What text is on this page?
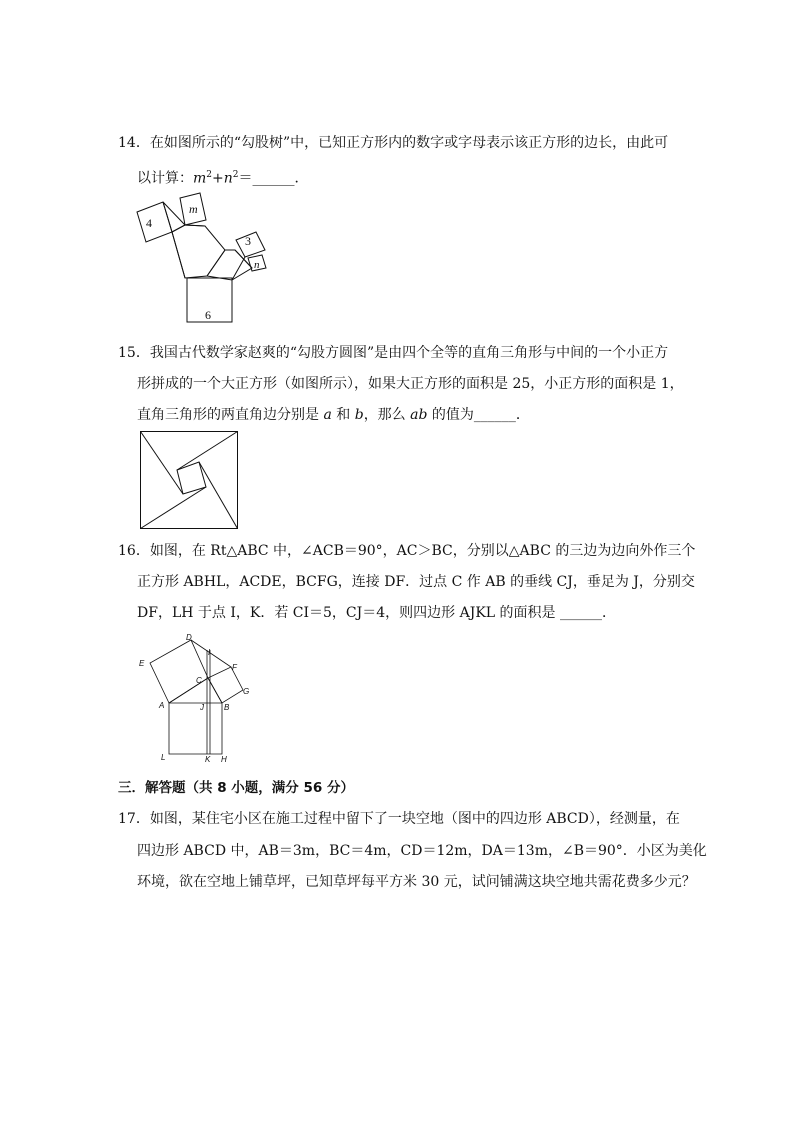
14．在如图所示的“勾股树”中，已知正方形内的数字或字母表示该正方形的边长，由此可
以计算：$m^2+n^2=\_\_\_\_\_\_$．
4
m
3
n
6
15．我国古代数学家赵爽的“勾股方圆图”是由四个全等的直角三角形与中间的一个小正方
形拼成的一个大正方形（如图所示），如果大正方形的面积是 25，小正方形的面积是 1，
直角三角形的两直角边分别是 a 和 b，那么 ab 的值为______．
16．如图，在 Rt△ABC 中，∠ACB＝90°，AC＞BC，分别以△ABC 的三边为边向外作三个
正方形 ABHL，ACDE，BCFG，连接 DF．过点 C 作 AB 的垂线 CJ，垂足为 J，分别交
DF，LH 于点 I，K．若 CI＝5，CJ＝4，则四边形 AJKL 的面积是 ______．
D
E
I
F
C
G
A	J	B
L	K H
三．解答题（共 8 小题，满分 56 分）
17．如图，某住宅小区在施工过程中留下了一块空地（图中的四边形 ABCD），经测量，在
四边形 ABCD 中，AB＝3m，BC＝4m，CD＝12m，DA＝13m，∠B＝90°．小区为美化
环境，欲在空地上铺草坪，已知草坪每平方米 30 元，试问铺满这块空地共需花费多少元？
